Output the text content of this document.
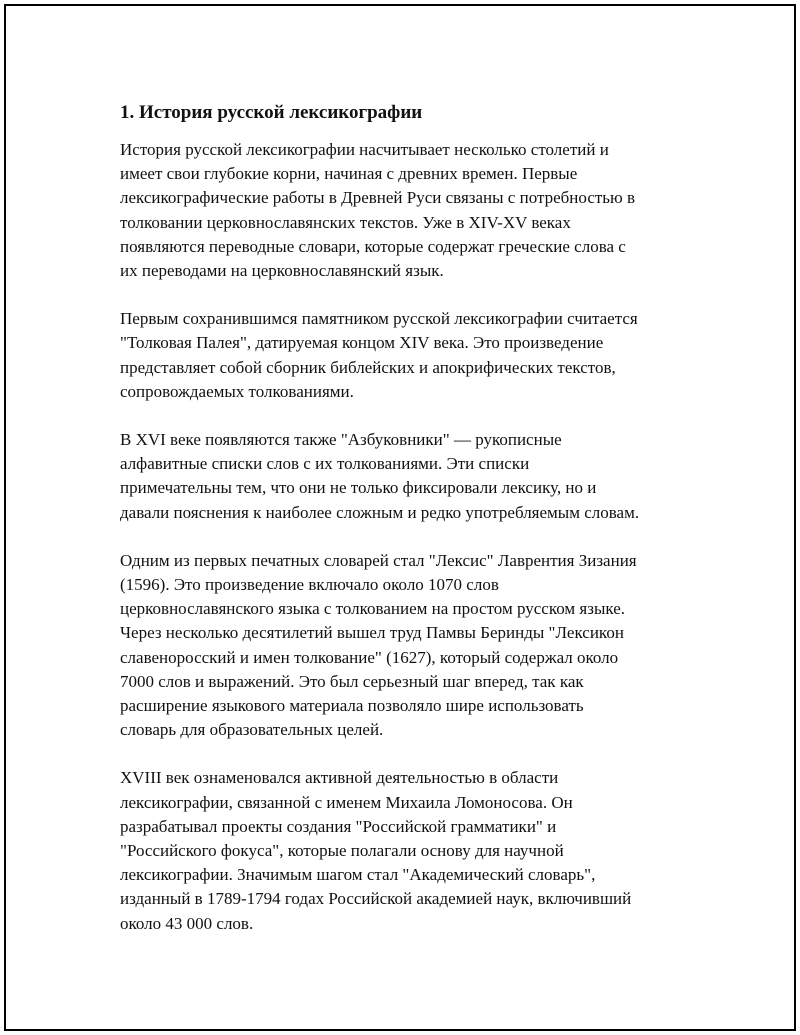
1. История русской лексикографии

История русской лексикографии насчитывает несколько столетий и
имеет свои глубокие корни, начиная с древних времен. Первые
лексикографические работы в Древней Руси связаны с потребностью в
толковании церковнославянских текстов. Уже в XIV-XV веках
появляются переводные словари, которые содержат греческие слова с
их переводами на церковнославянский язык.

Первым сохранившимся памятником русской лексикографии считается
"Толковая Палея", датируемая концом XIV века. Это произведение
представляет собой сборник библейских и апокрифических текстов,
сопровождаемых толкованиями.

В XVI веке появляются также "Азбуковники" — рукописные
алфавитные списки слов с их толкованиями. Эти списки
примечательны тем, что они не только фиксировали лексику, но и
давали пояснения к наиболее сложным и редко употребляемым словам.

Одним из первых печатных словарей стал "Лексис" Лаврентия Зизания
(1596). Это произведение включало около 1070 слов
церковнославянского языка с толкованием на простом русском языке.
Через несколько десятилетий вышел труд Памвы Беринды "Лексикон
славеноросский и имен толкование" (1627), который содержал около
7000 слов и выражений. Это был серьезный шаг вперед, так как
расширение языкового материала позволяло шире использовать
словарь для образовательных целей.

XVIII век ознаменовался активной деятельностью в области
лексикографии, связанной с именем Михаила Ломоносова. Он
разрабатывал проекты создания "Российской грамматики" и
"Российского фокуса", которые полагали основу для научной
лексикографии. Значимым шагом стал "Академический словарь",
изданный в 1789-1794 годах Российской академией наук, включивший
около 43 000 слов.
